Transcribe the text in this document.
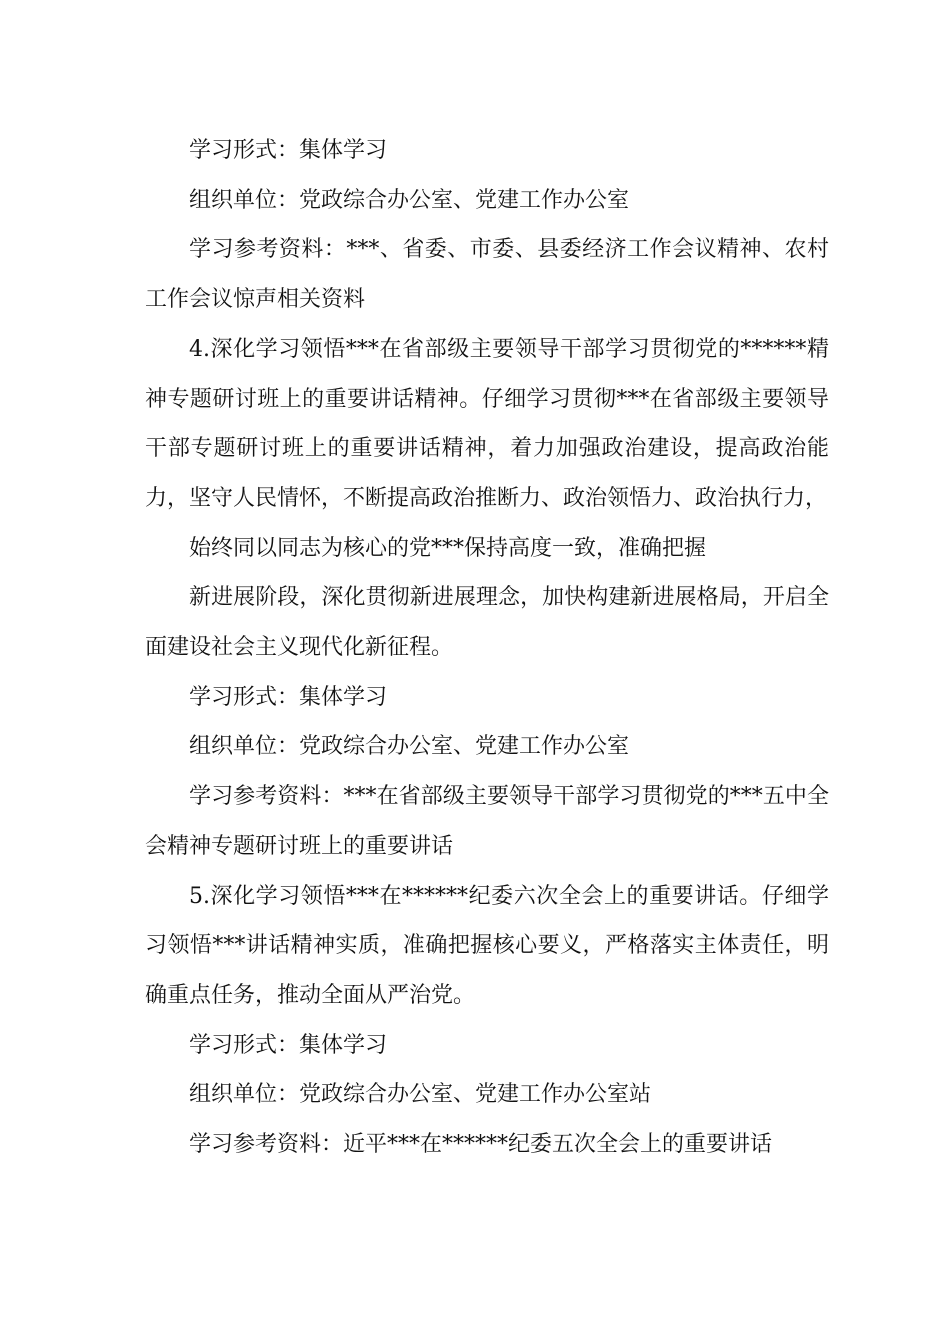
学习形式：集体学习

组织单位：党政综合办公室、党建工作办公室

学习参考资料：***、省委、市委、县委经济工作会议精神、农村工作会议惊声相关资料

4.深化学习领悟***在省部级主要领导干部学习贯彻党的******精神专题研讨班上的重要讲话精神。仔细学习贯彻***在省部级主要领导干部专题研讨班上的重要讲话精神，着力加强政治建设，提高政治能力，坚守人民情怀，不断提高政治推断力、政治领悟力、政治执行力，

始终同以同志为核心的党***保持高度一致，准确把握

新进展阶段，深化贯彻新进展理念，加快构建新进展格局，开启全面建设社会主义现代化新征程。

学习形式：集体学习

组织单位：党政综合办公室、党建工作办公室

学习参考资料：***在省部级主要领导干部学习贯彻党的***五中全会精神专题研讨班上的重要讲话

5.深化学习领悟***在******纪委六次全会上的重要讲话。仔细学习领悟***讲话精神实质，准确把握核心要义，严格落实主体责任，明确重点任务，推动全面从严治党。

学习形式：集体学习

组织单位：党政综合办公室、党建工作办公室站

学习参考资料：近平***在******纪委五次全会上的重要讲话
